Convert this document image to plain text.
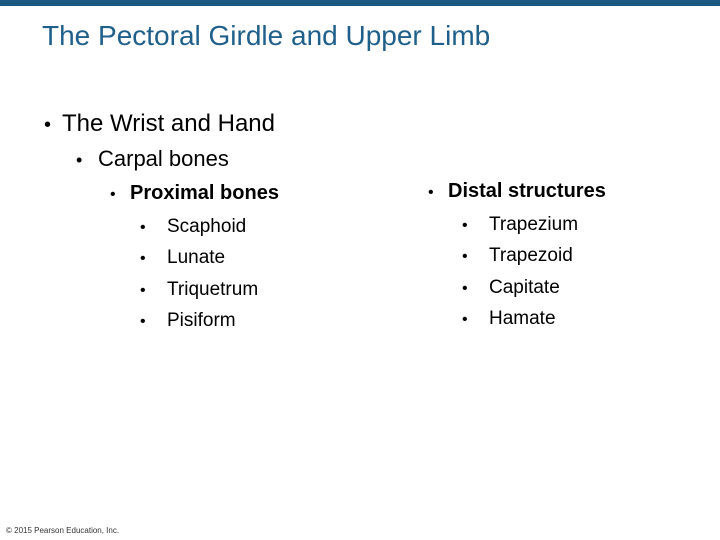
The Pectoral Girdle and Upper Limb
• The Wrist and Hand
• Carpal bones
• Proximal bones
•	Scaphoid
•	Lunate
•	Triquetrum
•	Pisiform
• Distal structures
•	Trapezium
•	Trapezoid
•	Capitate
•	Hamate
© 2015 Pearson Education, Inc.
